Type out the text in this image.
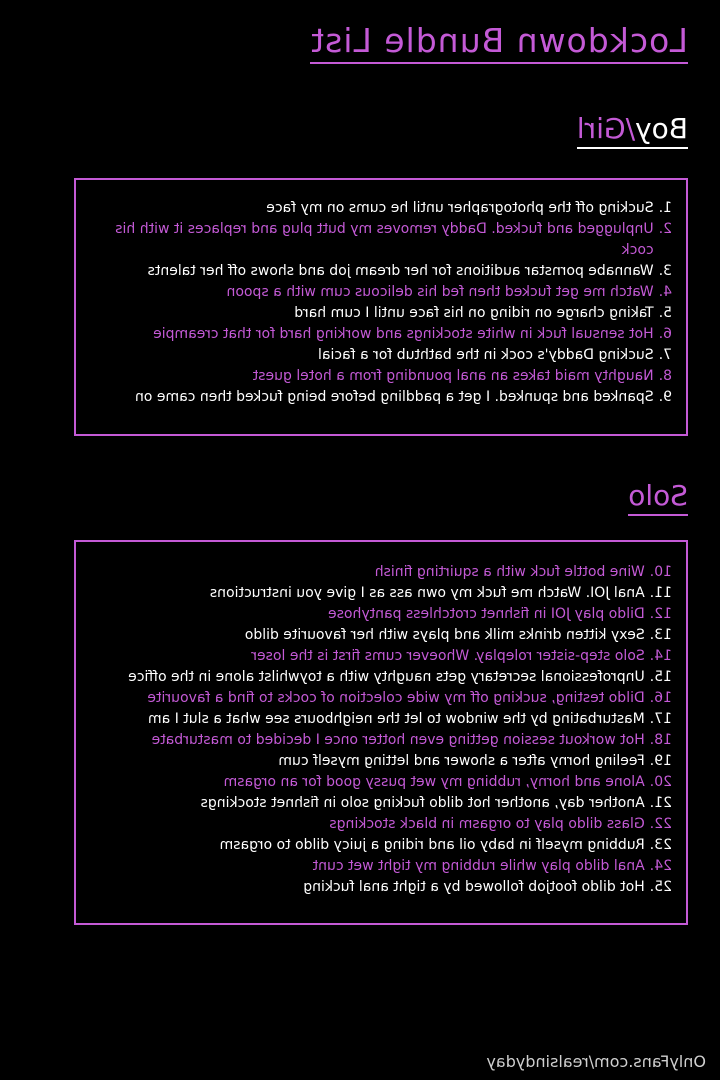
Lockdown Bundle List
Boy/Girl
1.
Sucking off the photographer until he cums on my face
2.
Unplugged and fucked. Daddy removes my butt plug and replaces it with his cock
3.
Wannabe pornstar auditions for her dream job and shows off her talents
4.
Watch me get fucked then fed his delicous cum with a spoon
5.
Taking charge on riding on his face until I cum hard
6.
Hot sensual fuck in white stockings and working hard for that creampie
7.
Sucking Daddy's cock in the bathtub for a facial
8.
Naughty maid takes an anal pounding from a hotel guest
9.
Spanked and spunked. I get a paddling before being fucked then came on
Solo
10.
Wine bottle fuck with a squirting finish
11.
Anal JOI. Watch me fuck my own ass as I give you instructions
12.
Dildo play JOI in fishnet crotchless pantyhose
13.
Sexy kitten drinks milk and plays with her favourite dildo
14.
Solo step-sister roleplay. Whoever cums first is the loser
15.
Unprofessional secretary gets naughty with a toywhilst alone in the office
16.
Dildo testing, sucking off my wide colection of cocks to find a favourite
17.
Masturbating by the window to let the neighbours see what a slut I am
18.
Hot workout session getting even hotter once I decided to masturbate
19.
Feeling horny after a shower and letting myself cum
20.
Alone and horny, rubbing my wet pussy good for an orgasm
21.
Another day, another hot dildo fucking solo in fishnet stockings
22.
Glass dildo play to orgasm in black stockings
23.
Rubbing myself in baby oil and riding a juicy dildo to orgasm
24.
Anal dildo play while rubbing my tight wet cunt
25.
Hot dildo footjob followed by a tight anal fucking
OnlyFans.com/realsindyday
